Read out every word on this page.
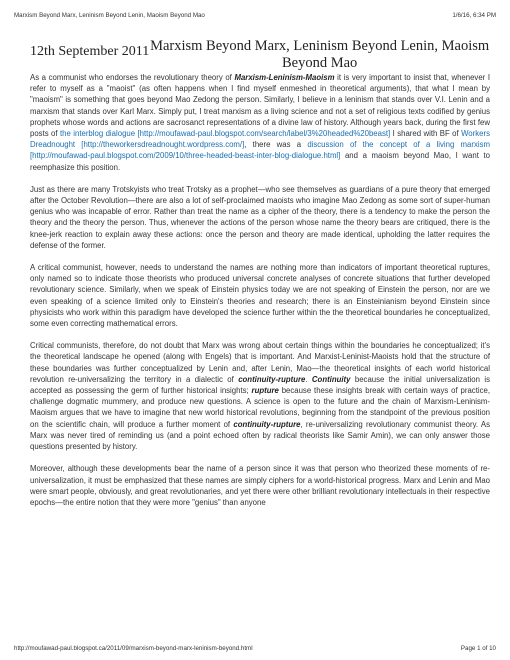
Marxism Beyond Marx, Leninism Beyond Lenin, Maoism Beyond Mao	1/6/16, 6:34 PM
12th September 2011 Marxism Beyond Marx, Leninism Beyond Lenin, Maoism Beyond Mao

As a communist who endorses the revolutionary theory of Marxism-Leninism-Maoism it is very important to insist that, whenever I refer to myself as a "maoist" (as often happens when I find myself enmeshed in theoretical arguments), that what I mean by "maoism" is something that goes beyond Mao Zedong the person. Similarly, I believe in a leninism that stands over V.I. Lenin and a marxism that stands over Karl Marx. Simply put, I treat marxism as a living science and not a set of religious texts codified by genius prophets whose words and actions are sacrosanct representations of a divine law of history. Although years back, during the first few posts of the interblog dialogue [http://moufawad-paul.blogspot.com/search/label/3%20headed%20beast] I shared with BF of Workers Dreadnought [http://theworkersdreadnought.wordpress.com/], there was a discussion of the concept of a living marxism [http://moufawad-paul.blogspot.com/2009/10/three-headed-beast-inter-blog-dialogue.html] and a maoism beyond Mao, I want to reemphasize this position.

Just as there are many Trotskyists who treat Trotsky as a prophet—who see themselves as guardians of a pure theory that emerged after the October Revolution—there are also a lot of self-proclaimed maoists who imagine Mao Zedong as some sort of super-human genius who was incapable of error. Rather than treat the name as a cipher of the theory, there is a tendency to make the person the theory and the theory the person. Thus, whenever the actions of the person whose name the theory bears are critiqued, there is the knee-jerk reaction to explain away these actions: once the person and theory are made identical, upholding the latter requires the defense of the former.

A critical communist, however, needs to understand the names are nothing more than indicators of important theoretical ruptures, only named so to indicate those theorists who produced universal concrete analyses of concrete situations that further developed revolutionary science. Similarly, when we speak of Einstein physics today we are not speaking of Einstein the person, nor are we even speaking of a science limited only to Einstein's theories and research; there is an Einsteinianism beyond Einstein since physicists who work within this paradigm have developed the science further within the the theoretical boundaries he conceptualized, some even correcting mathematical errors.

Critical communists, therefore, do not doubt that Marx was wrong about certain things within the boundaries he conceptualized; it's the theoretical landscape he opened (along with Engels) that is important. And Marxist-Leninist-Maoists hold that the structure of these boundaries was further conceptualized by Lenin and, after Lenin, Mao—the theoretical insights of each world historical revolution re-universalizing the territory in a dialectic of continuity-rupture. Continuity because the initial universalization is accepted as possessing the germ of further historical insights; rupture because these insights break with certain ways of practice, challenge dogmatic mummery, and produce new questions. A science is open to the future and the chain of Marxism-Leninism-Maoism argues that we have to imagine that new world historical revolutions, beginning from the standpoint of the previous position on the scientific chain, will produce a further moment of continuity-rupture, re-universalizing revolutionary communist theory. As Marx was never tired of reminding us (and a point echoed often by radical theorists like Samir Amin), we can only answer those questions presented by history.

Moreover, although these developments bear the name of a person since it was that person who theorized these moments of re-universalization, it must be emphasized that these names are simply ciphers for a world-historical progress. Marx and Lenin and Mao were smart people, obviously, and great revolutionaries, and yet there were other brilliant revolutionary intellectuals in their respective epochs—the entire notion that they were more "genius" than anyone

http://moufawad-paul.blogspot.ca/2011/09/marxism-beyond-marx-leninism-beyond.html	Page 1 of 10
